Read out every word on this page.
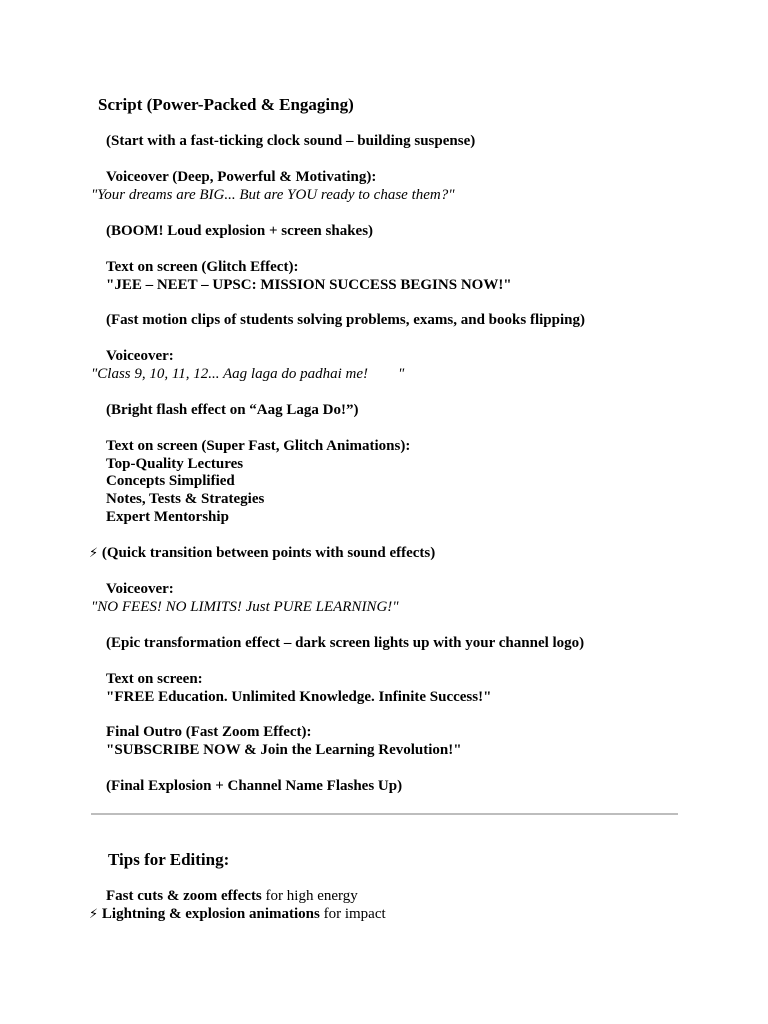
Script (Power-Packed & Engaging)
(Start with a fast-ticking clock sound – building suspense)
Voiceover (Deep, Powerful & Motivating):
"Your dreams are BIG... But are YOU ready to chase them?"
(BOOM! Loud explosion + screen shakes)
Text on screen (Glitch Effect):
"JEE – NEET – UPSC: MISSION SUCCESS BEGINS NOW!"
(Fast motion clips of students solving problems, exams, and books flipping)
Voiceover:
"Class 9, 10, 11, 12... Aag laga do padhai me!        "
(Bright flash effect on “Aag Laga Do!”)
Text on screen (Super Fast, Glitch Animations):
Top-Quality Lectures
Concepts Simplified
Notes, Tests & Strategies
Expert Mentorship
⚡ (Quick transition between points with sound effects)
Voiceover:
"NO FEES! NO LIMITS! Just PURE LEARNING!"
(Epic transformation effect – dark screen lights up with your channel logo)
Text on screen:
"FREE Education. Unlimited Knowledge. Infinite Success!"
Final Outro (Fast Zoom Effect):
"SUBSCRIBE NOW & Join the Learning Revolution!"
(Final Explosion + Channel Name Flashes Up)
Tips for Editing:
Fast cuts & zoom effects for high energy
⚡ Lightning & explosion animations for impact
